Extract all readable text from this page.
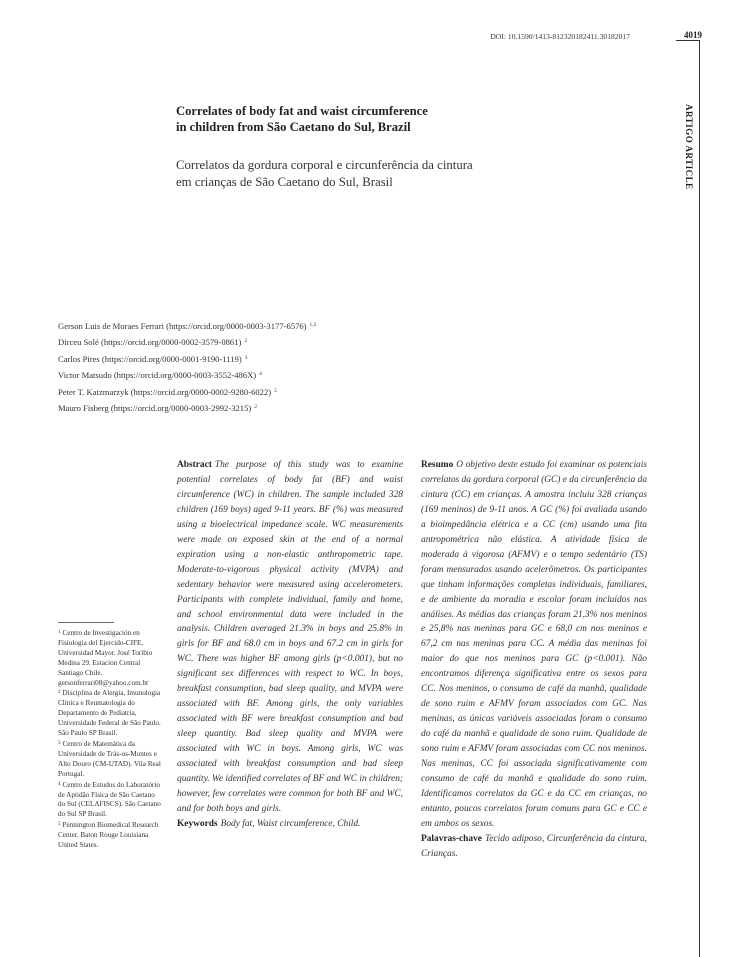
DOI: 10.1590/1413-812320182411.30182017	4019
ARTIGO ARTICLE
Correlates of body fat and waist circumference
in children from São Caetano do Sul, Brazil
Correlatos da gordura corporal e circunferência da cintura
em crianças de São Caetano do Sul, Brasil
Gerson Luis de Moraes Ferrari (https://orcid.org/0000-0003-3177-6576) $^{1,2}$
Dirceu Solé (https://orcid.org/0000-0002-3579-0861) $^2$
Carlos Pires (https://orcid.org/0000-0001-9190-1119) $^3$
Victor Matsudo (https://orcid.org/0000-0003-3552-486X) $^4$
Peter T. Katzmarzyk (https://orcid.org/0000-0002-9280-6022) $^5$
Mauro Fisberg (https://orcid.org/0000-0003-2992-3215) $^2$
$^1$ Centro de Investigación en Fisiologia del Ejercido-CIFE, Universidad Mayor. José Toribio Medina 29. Estacion Central Santiago Chile. gersonferrari08@yahoo.com.br
$^2$ Disciplina de Alergia, Imunologia Clínica e Reumatologia do Departamento de Pediatria, Universidade Federal de São Paulo. São Paulo SP Brasil.
$^3$ Centro de Matemática da Universidade de Trás-os-Montes e Alto Douro (CM-UTAD). Vila Real Portugal.
$^4$ Centro de Estudos do Laboratório de Aptidão Física de São Caetano do Sul (CELAFISCS). São Caetano do Sul SP Brasil.
$^5$ Pennington Biomedical Research Center. Baton Rouge Louisiana United States.
Abstract The purpose of this study was to examine potential correlates of body fat (BF) and waist circumference (WC) in children. The sample included 328 children (169 boys) aged 9-11 years. BF (%) was measured using a bioelectrical impedance scale. WC measurements were made on exposed skin at the end of a normal expiration using a non-elastic anthropometric tape. Moderate-to-vigorous physical activity (MVPA) and sedentary behavior were measured using accelerometers. Participants with complete individual, family and home, and school environmental data were included in the analysis. Children averaged 21.3% in boys and 25.8% in girls for BF and 68.0 cm in boys and 67.2 cm in girls for WC. There was higher BF among girls (p<0.001), but no significant sex differences with respect to WC. In boys, breakfast consumption, bad sleep quality, and MVPA were associated with BF. Among girls, the only variables associated with BF were breakfast consumption and bad sleep quantity. Bad sleep quality and MVPA were associated with WC in boys. Among girls, WC was associated with breakfast consumption and bad sleep quantity. We identified correlates of BF and WC in children; however, few correlates were common for both BF and WC, and for both boys and girls.
Keywords Body fat, Waist circumference, Child.
Resumo O objetivo deste estudo foi examinar os potenciais correlatos da gordura corporal (GC) e da circunferência da cintura (CC) em crianças. A amostra incluiu 328 crianças (169 meninos) de 9-11 anos. A GC (%) foi avaliada usando a bioimpedância elétrica e a CC (cm) usando uma fita antropométrica não elástica. A atividade física de moderada à vigorosa (AFMV) e o tempo sedentário (TS) foram mensurados usando acelerômetros. Os participantes que tinham informações completas individuais, familiares, e de ambiente da moradia e escolar foram incluídos nas análises. As médias das crianças foram 21,3% nos meninos e 25,8% nas meninas para GC e 68,0 cm nos meninos e 67,2 cm nas meninas para CC. A média das meninas foi maior do que nos meninos para GC (p<0.001). Não encontramos diferença significativa entre os sexos para CC. Nos meninos, o consumo de café da manhã, qualidade de sono ruim e AFMV foram associados com GC. Nas meninas, as únicas variáveis associadas foram o consumo do café da manhã e qualidade de sono ruim. Qualidade de sono ruim e AFMV foram associadas com CC nos meninos. Nas meninas, CC foi associada significativamente com consumo de café da manhã e qualidade do sono ruim. Identificamos correlatos da GC e da CC em crianças, no entanto, poucos correlatos foram comuns para GC e CC e em ambos os sexos.
Palavras-chave Tecido adiposo, Circunferência da cintura, Crianças.
